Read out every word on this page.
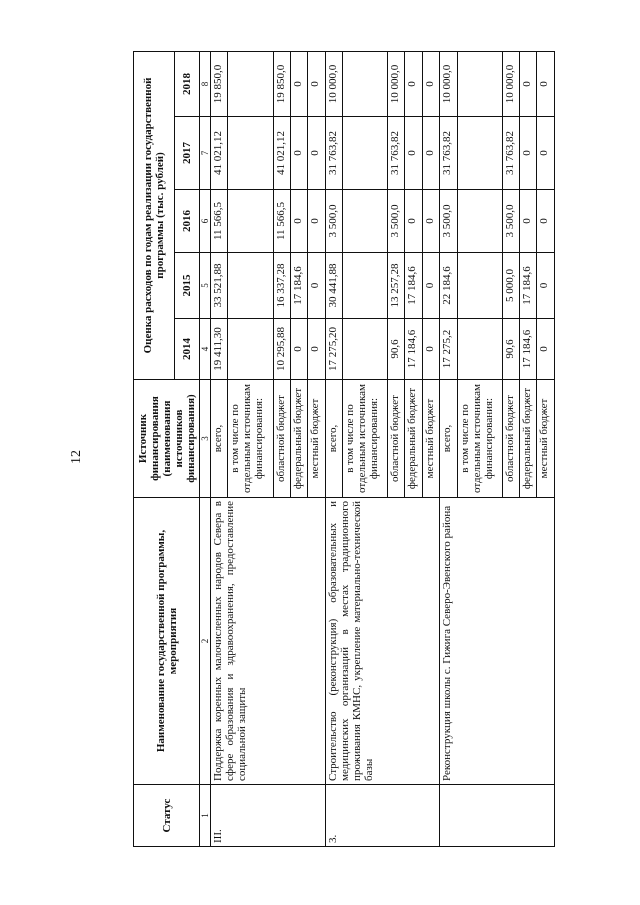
12
Статус	Наименование государственной программы, мероприятия	Источник финансирования (наименования источников финансирования)	Оценка расходов по годам реализации государственной программы (тыс. рублей)				
			2014	2015	2016	2017	2018
1	2	3	4	5	6	7	8
III.	Поддержка коренных малочисленных народов Севера в сфере образования и здравоохранения, предоставление социальной защиты	всего,	19 411,30	33 521,88	11 566,5	41 021,12	19 850,0
		в том числе по отдельным источникам финансирования:					
		областной бюджет	10 295,88	16 337,28	11 566,5	41 021,12	19 850,0
		федеральный бюджет	0	17 184,6	0	0	0
		местный бюджет	0	0	0	0	0
3.	Строительство (реконструкция) образовательных и медицинских организаций в местах традиционного проживания КМНС, укрепление материально-технической базы	всего,	17 275,20	30 441,88	3 500,0	31 763,82	10 000,0
		в том числе по отдельным источникам финансирования:					
		областной бюджет	90,6	13 257,28	3 500,0	31 763,82	10 000,0
		федеральный бюджет	17 184,6	17 184,6	0	0	0
		местный бюджет	0	0	0	0	0
	Реконструкция школы с. Гижига Северо-Эвенского района	всего,	17 275,2	22 184,6	3 500,0	31 763,82	10 000,0
		в том числе по отдельным источникам финансирования:					
		областной бюджет	90,6	5 000,0	3 500,0	31 763,82	10 000,0
		федеральный бюджет	17 184,6	17 184,6	0	0	0
		местный бюджет	0	0	0	0	0
